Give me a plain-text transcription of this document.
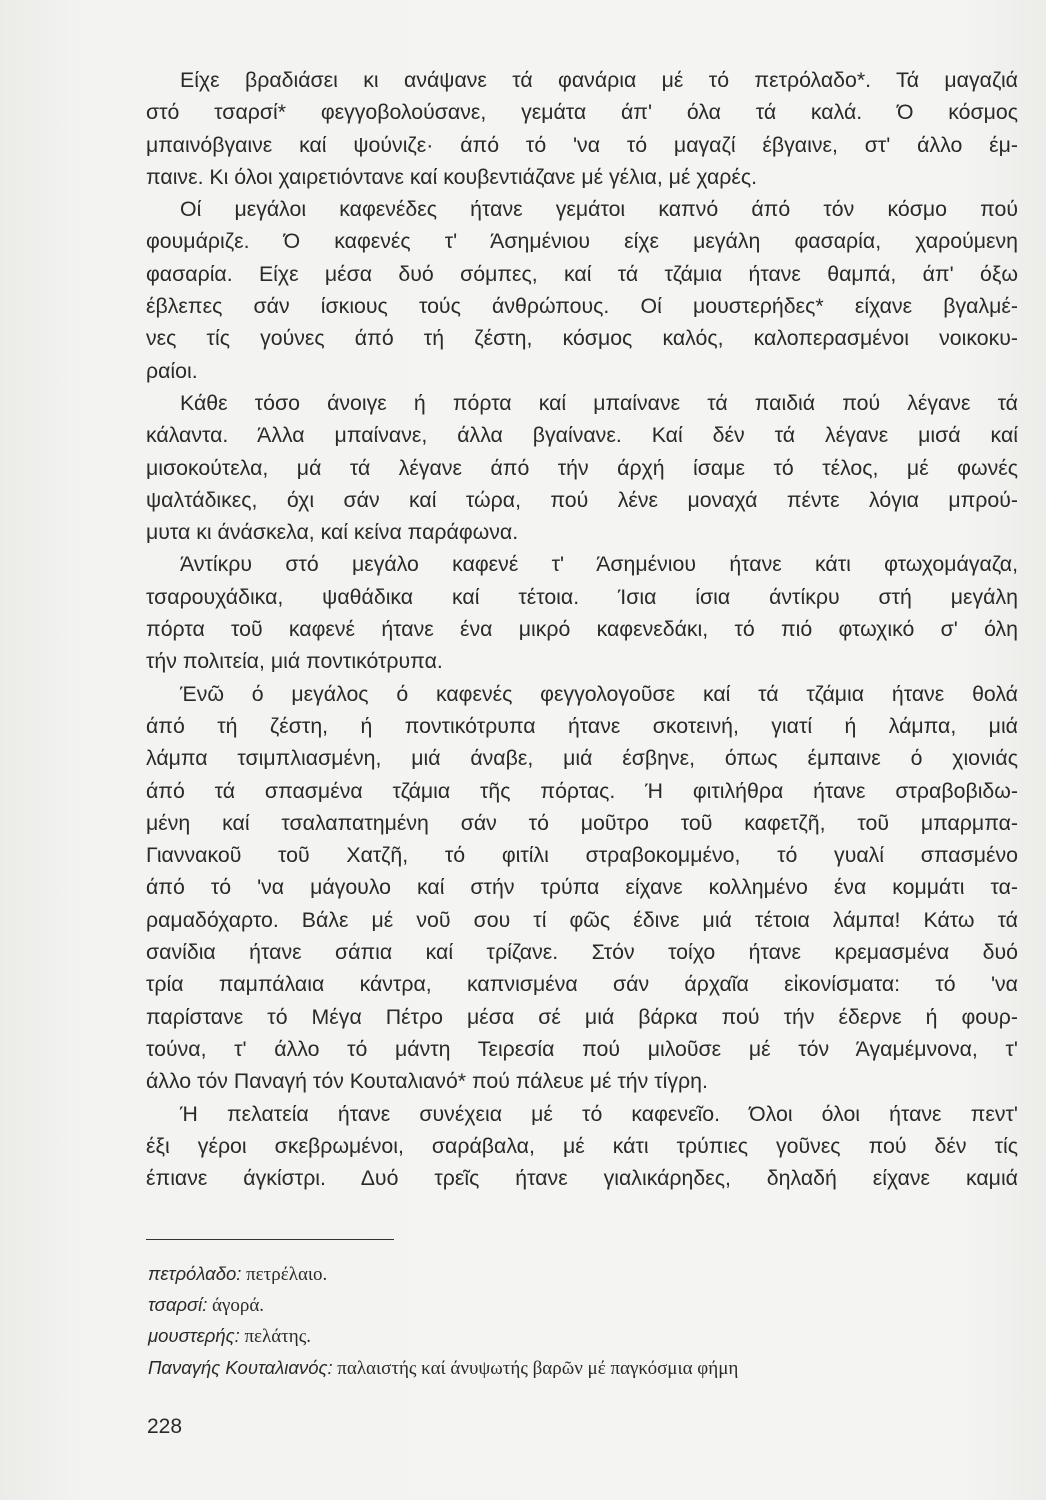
Είχε βραδιάσει κι ανάψανε τά φανάρια μέ τό πετρόλαδο*. Τά μαγαζιά
στό τσαρσί* φεγγοβολούσανε, γεμάτα άπ' όλα τά καλά. Ό κόσμος
μπαινόβγαινε καί ψούνιζε· άπό τό 'να τό μαγαζί έβγαινε, στ' άλλο έμ-
παινε. Κι όλοι χαιρετιόντανε καί κουβεντιάζανε μέ γέλια, μέ χαρές.

Οί μεγάλοι καφενέδες ήτανε γεμάτοι καπνό άπό τόν κόσμο πού
φουμάριζε. Ό καφενές τ' Άσημένιου είχε μεγάλη φασαρία, χαρούμενη
φασαρία. Είχε μέσα δυό σόμπες, καί τά τζάμια ήτανε θαμπά, άπ' όξω
έβλεπες σάν ίσκιους τούς άνθρώπους. Οί μουστερήδες* είχανε βγαλμέ-
νες τίς γούνες άπό τή ζέστη, κόσμος καλός, καλοπερασμένοι νοικοκυ-
ραίοι.

Κάθε τόσο άνοιγε ή πόρτα καί μπαίνανε τά παιδιά πού λέγανε τά
κάλαντα. Άλλα μπαίνανε, άλλα βγαίνανε. Καί δέν τά λέγανε μισά καί
μισοκούτελα, μά τά λέγανε άπό τήν άρχή ίσαμε τό τέλος, μέ φωνές
ψαλτάδικες, όχι σάν καί τώρα, πού λένε μοναχά πέντε λόγια μπρού-
μυτα κι άνάσκελα, καί κείνα παράφωνα.

Άντίκρυ στό μεγάλο καφενέ τ' Άσημένιου ήτανε κάτι φτωχομάγαζα,
τσαρουχάδικα, ψαθάδικα καί τέτοια. Ίσια ίσια άντίκρυ στή μεγάλη
πόρτα τοῦ καφενέ ήτανε ένα μικρό καφενεδάκι, τό πιό φτωχικό σ' όλη
τήν πολιτεία, μιά ποντικότρυπα.

Ένῶ ό μεγάλος ό καφενές φεγγολογοῦσε καί τά τζάμια ήτανε θολά
άπό τή ζέστη, ή ποντικότρυπα ήτανε σκοτεινή, γιατί ή λάμπα, μιά
λάμπα τσιμπλιασμένη, μιά άναβε, μιά έσβηνε, όπως έμπαινε ό χιονιάς
άπό τά σπασμένα τζάμια τῆς πόρτας. Ή φιτιλήθρα ήτανε στραβοβιδω-
μένη καί τσαλαπατημένη σάν τό μοῦτρο τοῦ καφετζῆ, τοῦ μπαρμπα-
Γιαννακοῦ τοῦ Χατζῆ, τό φιτίλι στραβοκομμένο, τό γυαλί σπασμένο
άπό τό 'να μάγουλο καί στήν τρύπα είχανε κολλημένο ένα κομμάτι τα-
ραμαδόχαρτο. Βάλε μέ νοῦ σου τί φῶς έδινε μιά τέτοια λάμπα! Κάτω τά
σανίδια ήτανε σάπια καί τρίζανε. Στόν τοίχο ήτανε κρεμασμένα δυό
τρία παμπάλαια κάντρα, καπνισμένα σάν άρχαῖα εἰκονίσματα: τό 'να
παρίστανε τό Μέγα Πέτρο μέσα σέ μιά βάρκα πού τήν έδερνε ή φουρ-
τούνα, τ' άλλο τό μάντη Τειρεσία πού μιλοῦσε μέ τόν Άγαμέμνονα, τ'
άλλο τόν Παναγή τόν Κουταλιανό* πού πάλευε μέ τήν τίγρη.

Ή πελατεία ήτανε συνέχεια μέ τό καφενεῖο. Όλοι όλοι ήτανε πεντ'
έξι γέροι σκεβρωμένοι, σαράβαλα, μέ κάτι τρύπιες γοῦνες πού δέν τίς
έπιανε άγκίστρι. Δυό τρεῖς ήτανε γιαλικάρηδες, δηλαδή είχανε καμιά

πετρόλαδο: πετρέλαιο.
τσαρσί: άγορά.
μουστερής: πελάτης.
Παναγής Κουταλιανός: παλαιστής καί άνυψωτής βαρῶν μέ παγκόσμια φήμη
228
